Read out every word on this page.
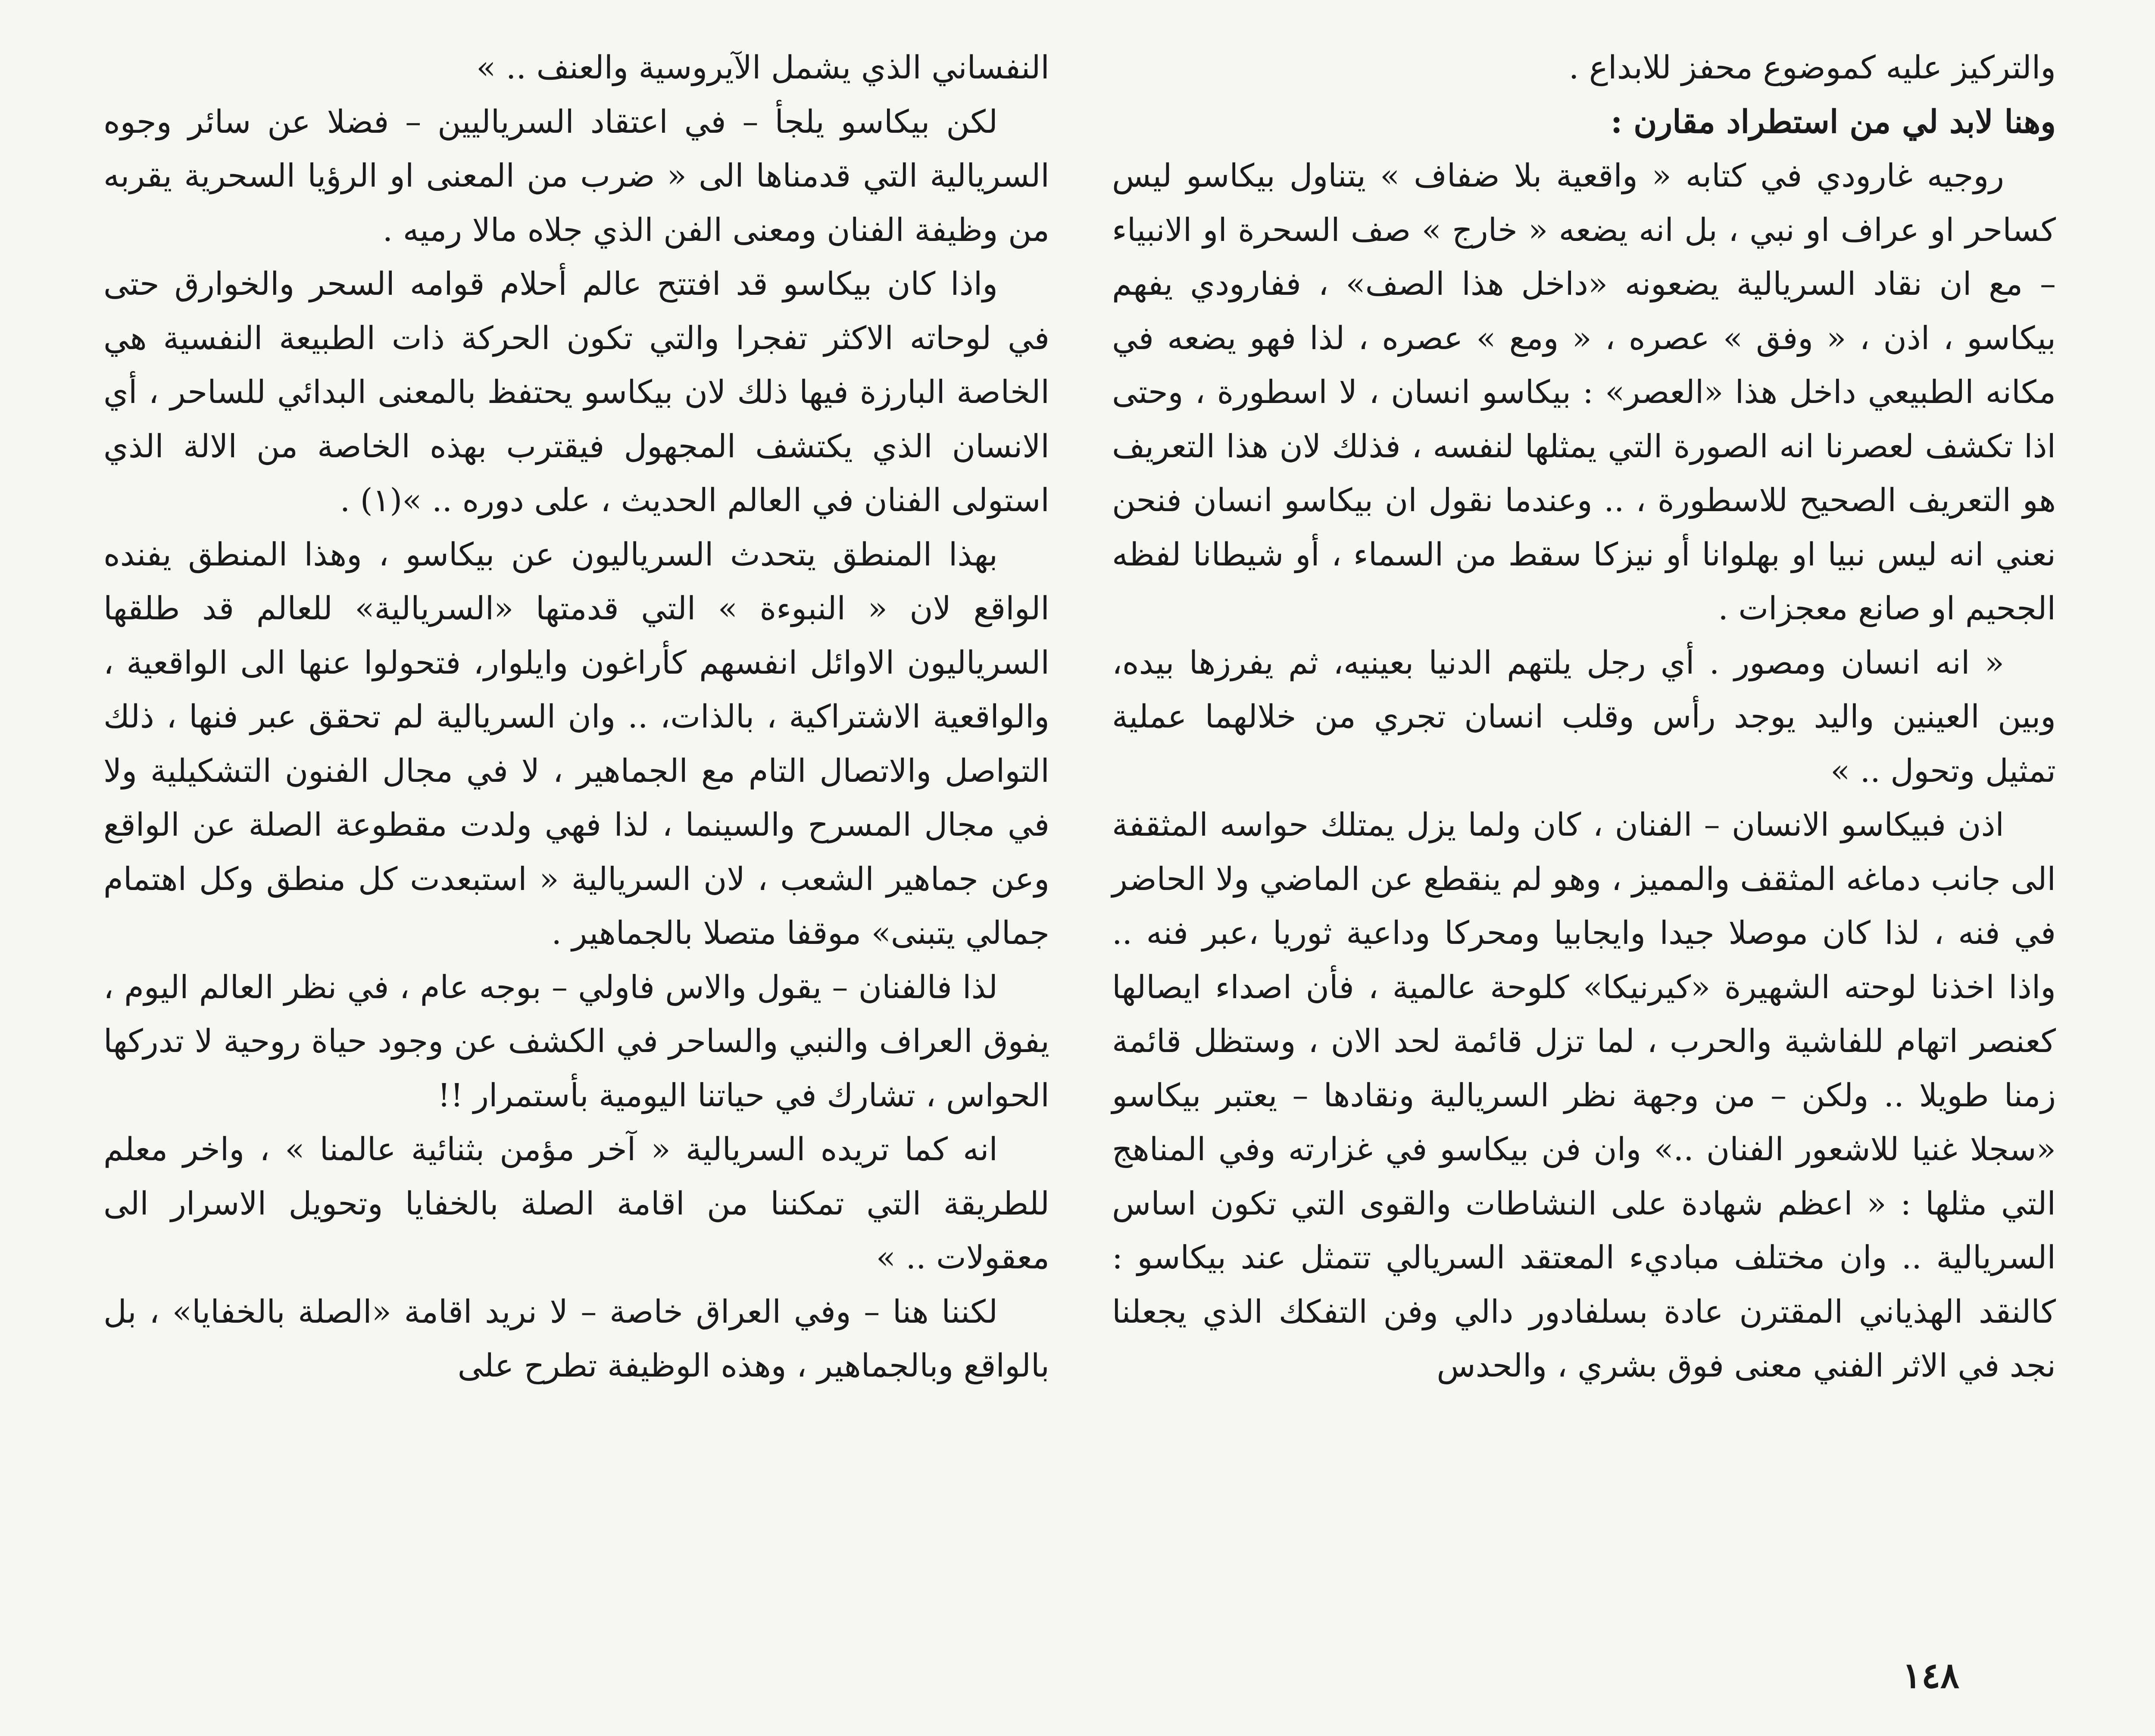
والتركيز عليه كموضوع محفز للابداع .

وهنا لابد لي من استطراد مقارن :

روجيه غارودي في كتابه « واقعية بلا ضفاف » يتناول بيكاسو ليس كساحر او عراف او نبي ، بل انه يضعه « خارج » صف السحرة او الانبياء – مع ان نقاد السريالية يضعونه «داخل هذا الصف» ، ففارودي يفهم بيكاسو ، اذن ، « وفق » عصره ، « ومع » عصره ، لذا فهو يضعه في مكانه الطبيعي داخل هذا «العصر» : بيكاسو انسان ، لا اسطورة ، وحتى اذا تكشف لعصرنا انه الصورة التي يمثلها لنفسه ، فذلك لان هذا التعريف هو التعريف الصحيح للاسطورة ، .. وعندما نقول ان بيكاسو انسان فنحن نعني انه ليس نبيا او بهلوانا أو نيزكا سقط من السماء ، أو شيطانا لفظه الجحيم او صانع معجزات .

« انه انسان ومصور . أي رجل يلتهم الدنيا بعينيه، ثم يفرزها بيده، وبين العينين واليد يوجد رأس وقلب انسان تجري من خلالهما عملية تمثيل وتحول .. »

اذن فبيكاسو الانسان – الفنان ، كان ولما يزل يمتلك حواسه المثقفة الى جانب دماغه المثقف والمميز ، وهو لم ينقطع عن الماضي ولا الحاضر في فنه ، لذا كان موصلا جيدا وايجابيا ومحركا وداعية ثوريا ،عبر فنه .. واذا اخذنا لوحته الشهيرة «كيرنيكا» كلوحة عالمية ، فأن اصداء ايصالها كعنصر اتهام للفاشية والحرب ، لما تزل قائمة لحد الان ، وستظل قائمة زمنا طويلا .. ولكن – من وجهة نظر السريالية ونقادها – يعتبر بيكاسو «سجلا غنيا للاشعور الفنان ..» وان فن بيكاسو في غزارته وفي المناهج التي مثلها : « اعظم شهادة على النشاطات والقوى التي تكون اساس السريالية .. وان مختلف مباديء المعتقد السريالي تتمثل عند بيكاسو : كالنقد الهذياني المقترن عادة بسلفادور دالي وفن التفكك الذي يجعلنا نجد في الاثر الفني معنى فوق بشري ، والحدس

النفساني الذي يشمل الآيروسية والعنف .. »

لكن بيكاسو يلجأ – في اعتقاد السرياليين – فضلا عن سائر وجوه السريالية التي قدمناها الى « ضرب من المعنى او الرؤيا السحرية يقربه من وظيفة الفنان ومعنى الفن الذي جلاه مالا رميه .

واذا كان بيكاسو قد افتتح عالم أحلام قوامه السحر والخوارق حتى في لوحاته الاكثر تفجرا والتي تكون الحركة ذات الطبيعة النفسية هي الخاصة البارزة فيها ذلك لان بيكاسو يحتفظ بالمعنى البدائي للساحر ، أي الانسان الذي يكتشف المجهول فيقترب بهذه الخاصة من الالة الذي استولى الفنان في العالم الحديث ، على دوره .. »(١) .

بهذا المنطق يتحدث السرياليون عن بيكاسو ، وهذا المنطق يفنده الواقع لان « النبوءة » التي قدمتها «السريالية» للعالم قد طلقها السرياليون الاوائل انفسهم كأراغون وايلوار، فتحولوا عنها الى الواقعية ، والواقعية الاشتراكية ، بالذات، .. وان السريالية لم تحقق عبر فنها ، ذلك التواصل والاتصال التام مع الجماهير ، لا في مجال الفنون التشكيلية ولا في مجال المسرح والسينما ، لذا فهي ولدت مقطوعة الصلة عن الواقع وعن جماهير الشعب ، لان السريالية « استبعدت كل منطق وكل اهتمام جمالي يتبنى» موقفا متصلا بالجماهير .

لذا فالفنان – يقول والاس فاولي – بوجه عام ، في نظر العالم اليوم ، يفوق العراف والنبي والساحر في الكشف عن وجود حياة روحية لا تدركها الحواس ، تشارك في حياتنا اليومية بأستمرار !!

انه كما تريده السريالية « آخر مؤمن بثنائية عالمنا » ، واخر معلم للطريقة التي تمكننا من اقامة الصلة بالخفايا وتحويل الاسرار الى معقولات .. »

لكننا هنا – وفي العراق خاصة – لا نريد اقامة «الصلة بالخفايا» ، بل بالواقع وبالجماهير ، وهذه الوظيفة تطرح على

١٤٨
